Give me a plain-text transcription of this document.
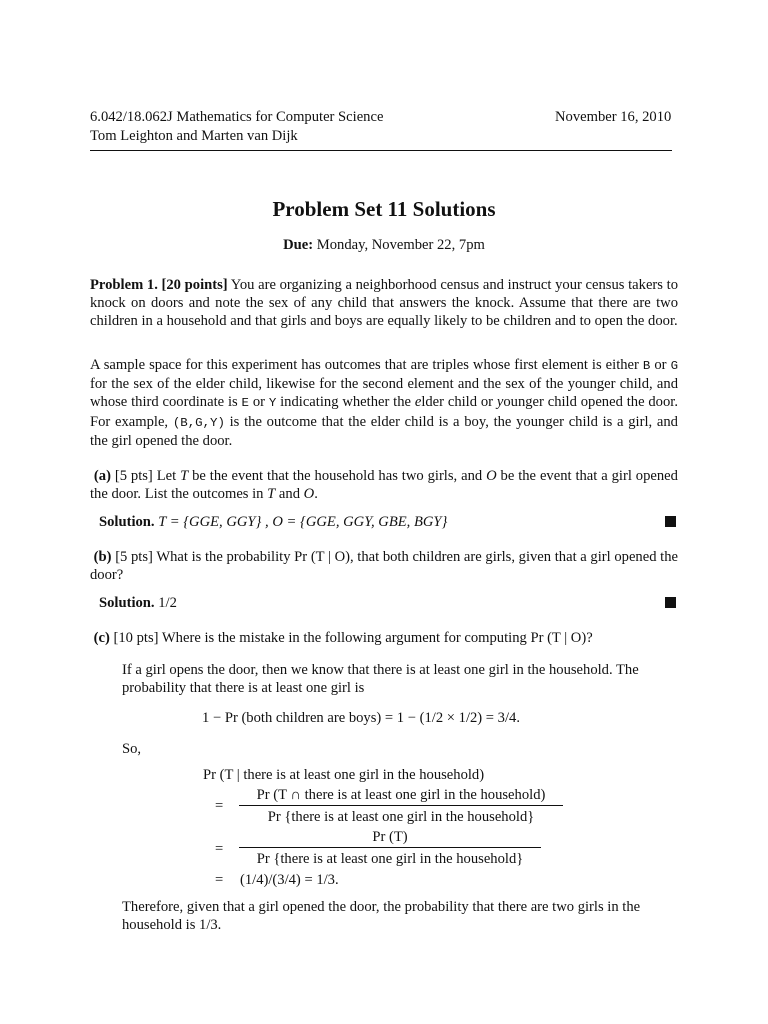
6.042/18.062J Mathematics for Computer Science
Tom Leighton and Marten van Dijk
November 16, 2010
Problem Set 11 Solutions
Due: Monday, November 22, 7pm
Problem 1. [20 points] You are organizing a neighborhood census and instruct your census takers to knock on doors and note the sex of any child that answers the knock. Assume that there are two children in a household and that girls and boys are equally likely to be children and to open the door.
A sample space for this experiment has outcomes that are triples whose first element is either B or G for the sex of the elder child, likewise for the second element and the sex of the younger child, and whose third coordinate is E or Y indicating whether the elder child or younger child opened the door. For example, (B,G,Y) is the outcome that the elder child is a boy, the younger child is a girl, and the girl opened the door.
(a) [5 pts] Let T be the event that the household has two girls, and O be the event that a girl opened the door. List the outcomes in T and O.
Solution. T = {GGE, GGY} , O = {GGE, GGY, GBE, BGY}
(b) [5 pts] What is the probability Pr (T | O), that both children are girls, given that a girl opened the door?
Solution. 1/2
(c) [10 pts] Where is the mistake in the following argument for computing Pr (T | O)?
If a girl opens the door, then we know that there is at least one girl in the household. The probability that there is at least one girl is
1 − Pr (both children are boys) = 1 − (1/2 × 1/2) = 3/4.
So,
Pr (T | there is at least one girl in the household)
=
Pr (T ∩ there is at least one girl in the household)
Pr {there is at least one girl in the household}
=
Pr (T)
Pr {there is at least one girl in the household}
= (1/4)/(3/4) = 1/3.
Therefore, given that a girl opened the door, the probability that there are two girls in the household is 1/3.
